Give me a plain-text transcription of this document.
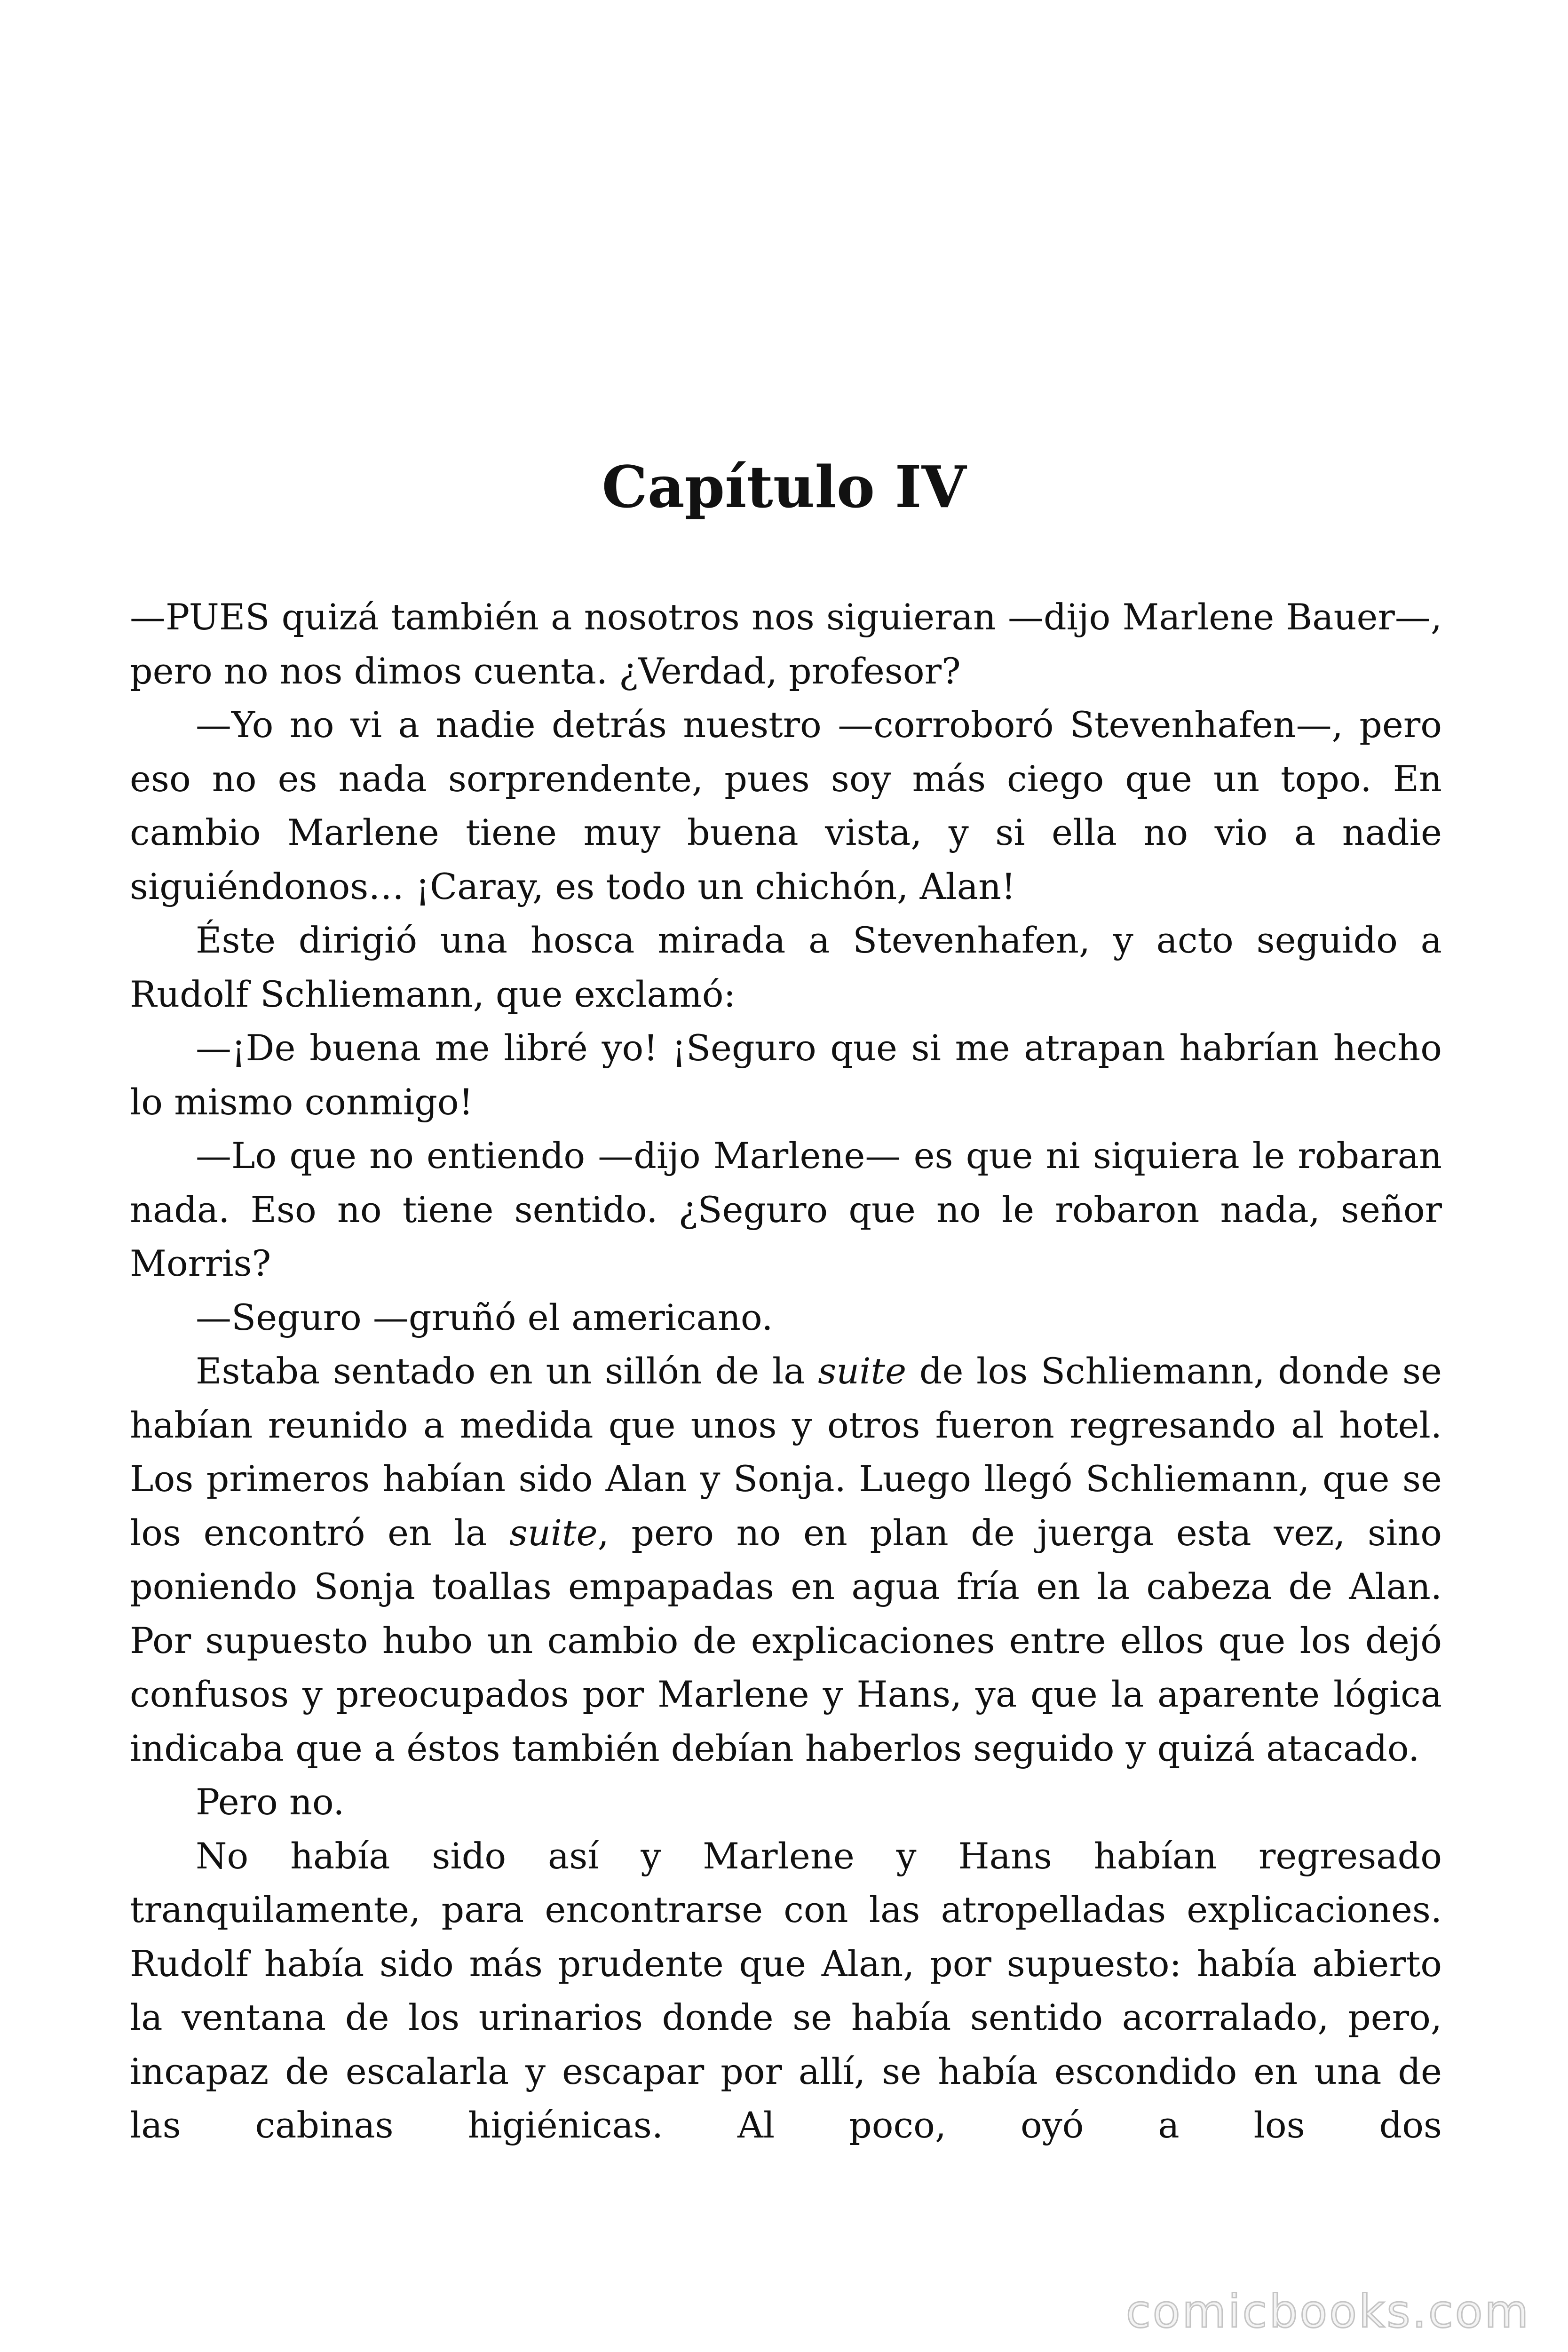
Capítulo IV

—PUES quizá también a nosotros nos siguieran —dijo Marlene Bauer—, pero no nos dimos cuenta. ¿Verdad, profesor?

—Yo no vi a nadie detrás nuestro —corroboró Stevenhafen—, pero eso no es nada sorprendente, pues soy más ciego que un topo. En cambio Marlene tiene muy buena vista, y si ella no vio a nadie siguiéndonos… ¡Caray, es todo un chichón, Alan!

Éste dirigió una hosca mirada a Stevenhafen, y acto seguido a Rudolf Schliemann, que exclamó:

—¡De buena me libré yo! ¡Seguro que si me atrapan habrían hecho lo mismo conmigo!

—Lo que no entiendo —dijo Marlene— es que ni siquiera le robaran nada. Eso no tiene sentido. ¿Seguro que no le robaron nada, señor Morris?

—Seguro —gruñó el americano.

Estaba sentado en un sillón de la suite de los Schliemann, donde se habían reunido a medida que unos y otros fueron regresando al hotel. Los primeros habían sido Alan y Sonja. Luego llegó Schliemann, que se los encontró en la suite, pero no en plan de juerga esta vez, sino poniendo Sonja toallas empapadas en agua fría en la cabeza de Alan. Por supuesto hubo un cambio de explicaciones entre ellos que los dejó confusos y preocupados por Marlene y Hans, ya que la aparente lógica indicaba que a éstos también debían haberlos seguido y quizá atacado.

Pero no.

No había sido así y Marlene y Hans habían regresado tranquilamente, para encontrarse con las atropelladas explicaciones. Rudolf había sido más prudente que Alan, por supuesto: había abierto la ventana de los urinarios donde se había sentido acorralado, pero, incapaz de escalarla y escapar por allí, se había escondido en una de las cabinas higiénicas. Al poco, oyó a los dos

comicbooks.com
